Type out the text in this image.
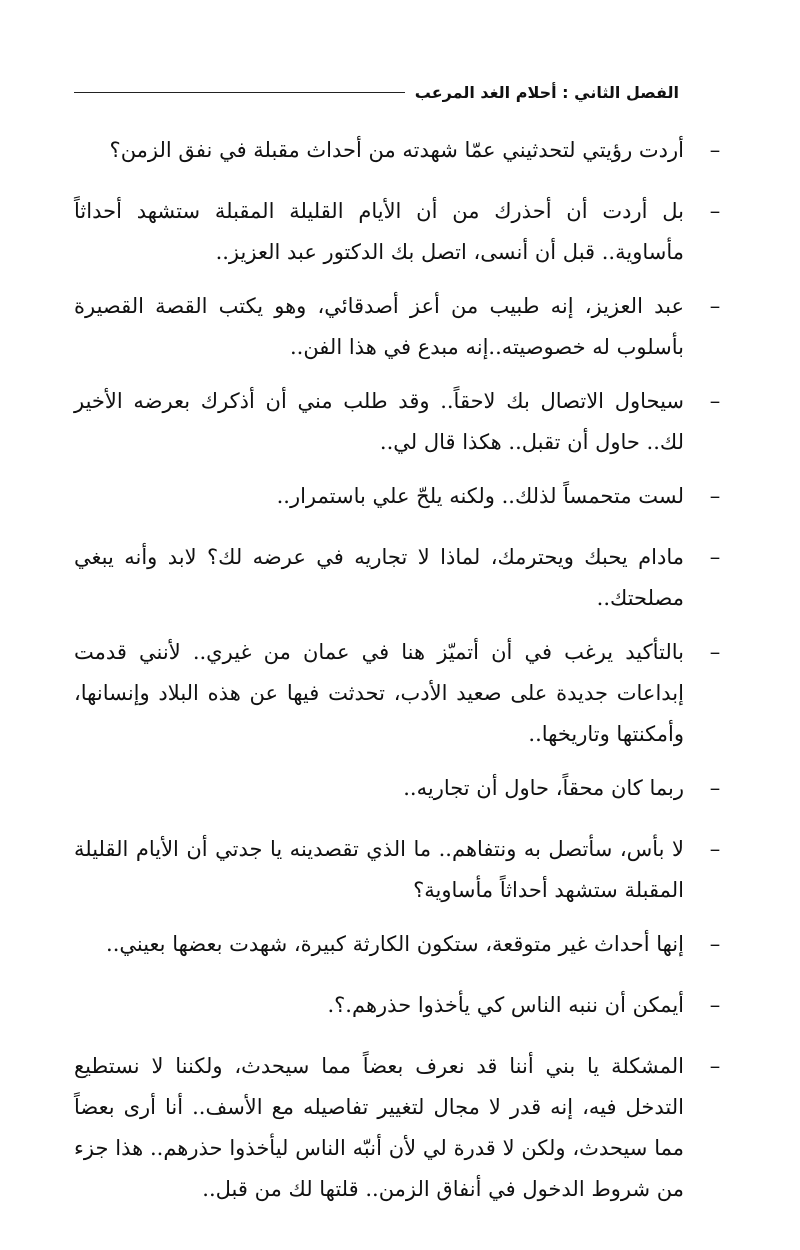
الفصل الثاني : أحلام الغد المرعب
–
أردت رؤيتي لتحدثيني عمّا شهدته من أحداث مقبلة في نفق الزمن؟
–
بل أردت أن أحذرك من أن الأيام القليلة المقبلة ستشهد أحداثاً مأساوية.. قبل أن أنسى، اتصل بك الدكتور عبد العزيز..
–
عبد العزيز، إنه طبيب من أعز أصدقائي، وهو يكتب القصة القصيرة بأسلوب له خصوصيته..إنه مبدع في هذا الفن..
–
سيحاول الاتصال بك لاحقاً.. وقد طلب مني أن أذكرك بعرضه الأخير لك.. حاول أن تقبل.. هكذا قال لي..
–
لست متحمساً لذلك.. ولكنه يلحّ علي باستمرار..
–
مادام يحبك ويحترمك، لماذا لا تجاريه في عرضه لك؟ لابد وأنه يبغي مصلحتك..
–
بالتأكيد يرغب في أن أتميّز هنا في عمان من غيري.. لأنني قدمت إبداعات جديدة على صعيد الأدب، تحدثت فيها عن هذه البلاد وإنسانها، وأمكنتها وتاريخها..
–
ربما كان محقاً، حاول أن تجاريه..
–
لا بأس، سأتصل به ونتفاهم.. ما الذي تقصدينه يا جدتي أن الأيام القليلة المقبلة ستشهد أحداثاً مأساوية؟
–
إنها أحداث غير متوقعة، ستكون الكارثة كبيرة، شهدت بعضها بعيني..
–
أيمكن أن ننبه الناس كي يأخذوا حذرهم.؟.
–
المشكلة يا بني أننا قد نعرف بعضاً مما سيحدث، ولكننا لا نستطيع التدخل فيه، إنه قدر لا مجال لتغيير تفاصيله مع الأسف.. أنا أرى بعضاً مما سيحدث، ولكن لا قدرة لي لأن أنبّه الناس ليأخذوا حذرهم.. هذا جزء من شروط الدخول في أنفاق الزمن.. قلتها لك من قبل..
